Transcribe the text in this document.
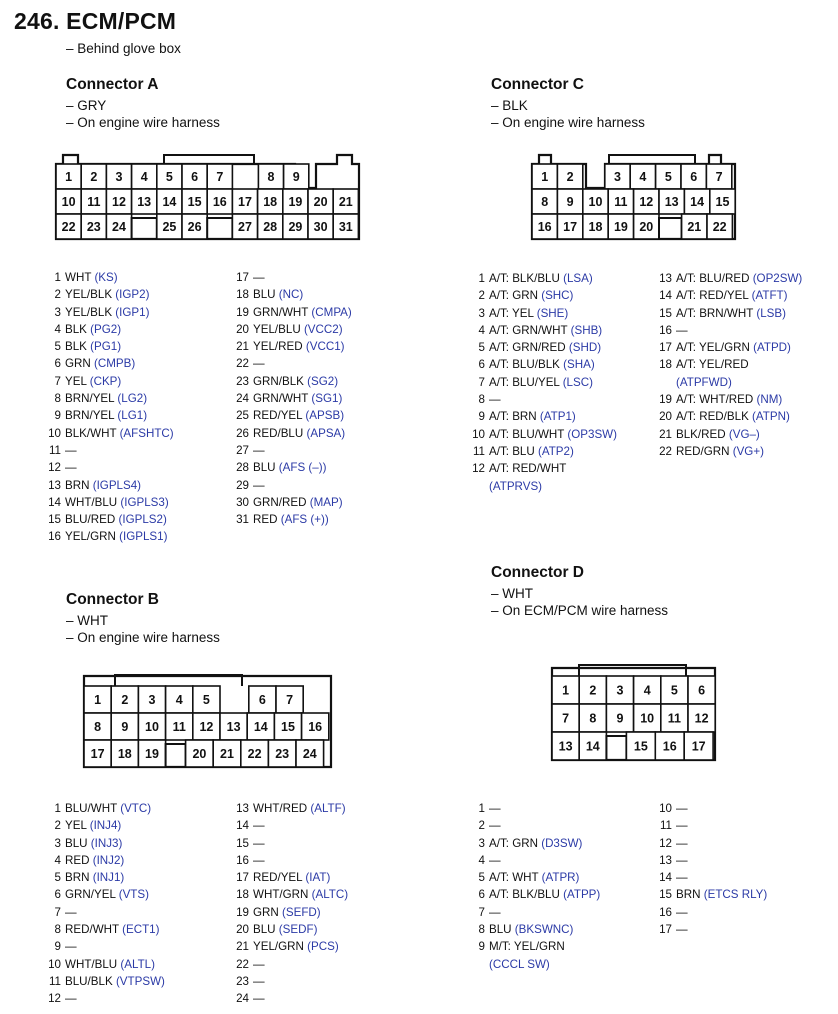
246. ECM/PCM
– Behind glove box
Connector A
– GRY
– On engine wire harness
1 2 3 4 5 6 7	8 9
10 11 12 13 14 15 16 17 18 19 20 21
22 23 24	25 26	27 28 29 30 31
1 WHT (KS)
2 YEL/BLK (IGP2)
3 YEL/BLK (IGP1)
4 BLK (PG2)
5 BLK (PG1)
6 GRN (CMPB)
7 YEL (CKP)
8 BRN/YEL (LG2)
9 BRN/YEL (LG1)
10 BLK/WHT (AFSHTC)
11 —
12 —
13 BRN (IGPLS4)
14 WHT/BLU (IGPLS3)
15 BLU/RED (IGPLS2)
16 YEL/GRN (IGPLS1)
17 —
18 BLU (NC)
19 GRN/WHT (CMPA)
20 YEL/BLU (VCC2)
21 YEL/RED (VCC1)
22 —
23 GRN/BLK (SG2)
24 GRN/WHT (SG1)
25 RED/YEL (APSB)
26 RED/BLU (APSA)
27 —
28 BLU (AFS (–))
29 —
30 GRN/RED (MAP)
31 RED (AFS (+))
Connector B
– WHT
– On engine wire harness
1 2 3 4 5	6 7
8 9 10 11 12 13 14 15 16
17 18 19	20 21 22 23 24
1 BLU/WHT (VTC)
2 YEL (INJ4)
3 BLU (INJ3)
4 RED (INJ2)
5 BRN (INJ1)
6 GRN/YEL (VTS)
7 —
8 RED/WHT (ECT1)
9 —
10 WHT/BLU (ALTL)
11 BLU/BLK (VTPSW)
12 —
13 WHT/RED (ALTF)
14 —
15 —
16 —
17 RED/YEL (IAT)
18 WHT/GRN (ALTC)
19 GRN (SEFD)
20 BLU (SEDF)
21 YEL/GRN (PCS)
22 —
23 —
24 —
Connector C
– BLK
– On engine wire harness
1 2	3 4 5 6 7
8 9 10 11 12 13 14 15
16 17 18 19 20	21 22
1 A/T: BLK/BLU (LSA)
2 A/T: GRN (SHC)
3 A/T: YEL (SHE)
4 A/T: GRN/WHT (SHB)
5 A/T: GRN/RED (SHD)
6 A/T: BLU/BLK (SHA)
7 A/T: BLU/YEL (LSC)
8 —
9 A/T: BRN (ATP1)
10 A/T: BLU/WHT (OP3SW)
11 A/T: BLU (ATP2)
12 A/T: RED/WHT
(ATPRVS)
13 A/T: BLU/RED (OP2SW)
14 A/T: RED/YEL (ATFT)
15 A/T: BRN/WHT (LSB)
16 —
17 A/T: YEL/GRN (ATPD)
18 A/T: YEL/RED
(ATPFWD)
19 A/T: WHT/RED (NM)
20 A/T: RED/BLK (ATPN)
21 BLK/RED (VG–)
22 RED/GRN (VG+)
Connector D
– WHT
– On ECM/PCM wire harness
1 2 3 4 5 6
7 8 9 10 11 12
13 14	15 16 17
1 —
2 —
3 A/T: GRN (D3SW)
4 —
5 A/T: WHT (ATPR)
6 A/T: BLK/BLU (ATPP)
7 —
8 BLU (BKSWNC)
9 M/T: YEL/GRN
(CCCL SW)
10 —
11 —
12 —
13 —
14 —
15 BRN (ETCS RLY)
16 —
17 —
